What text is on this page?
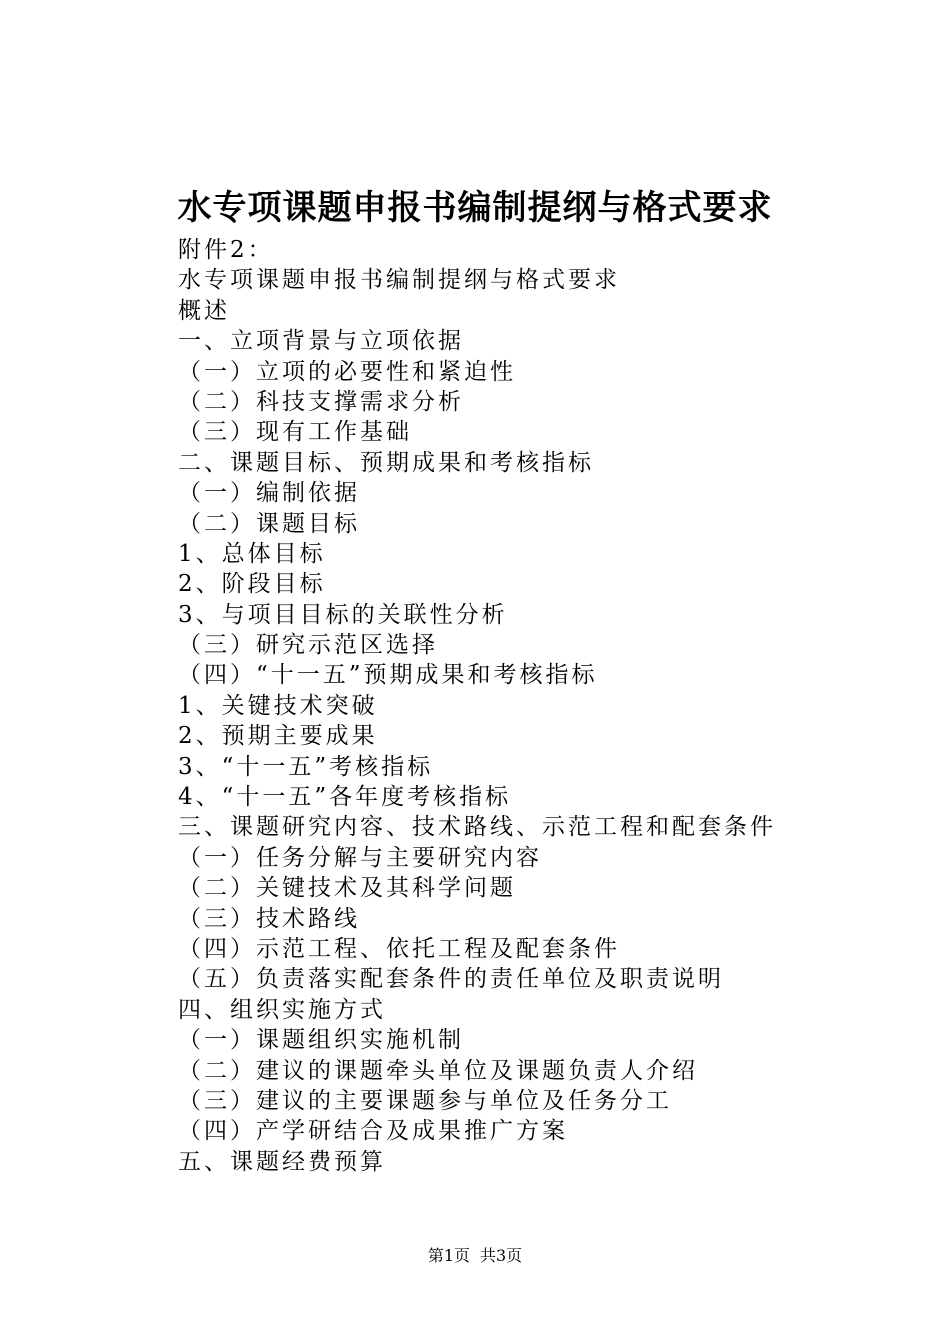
水专项课题申报书编制提纲与格式要求
附件2：
水专项课题申报书编制提纲与格式要求
概述
一、立项背景与立项依据
（一）立项的必要性和紧迫性
（二）科技支撑需求分析
（三）现有工作基础
二、课题目标、预期成果和考核指标
（一）编制依据
（二）课题目标
1、总体目标
2、阶段目标
3、与项目目标的关联性分析
（三）研究示范区选择
（四）“十一五”预期成果和考核指标
1、关键技术突破
2、预期主要成果
3、“十一五”考核指标
4、“十一五”各年度考核指标
三、课题研究内容、技术路线、示范工程和配套条件
（一）任务分解与主要研究内容
（二）关键技术及其科学问题
（三）技术路线
（四）示范工程、依托工程及配套条件
（五）负责落实配套条件的责任单位及职责说明
四、组织实施方式
（一）课题组织实施机制
（二）建议的课题牵头单位及课题负责人介绍
（三）建议的主要课题参与单位及任务分工
（四）产学研结合及成果推广方案
五、课题经费预算
第1页 共3页
